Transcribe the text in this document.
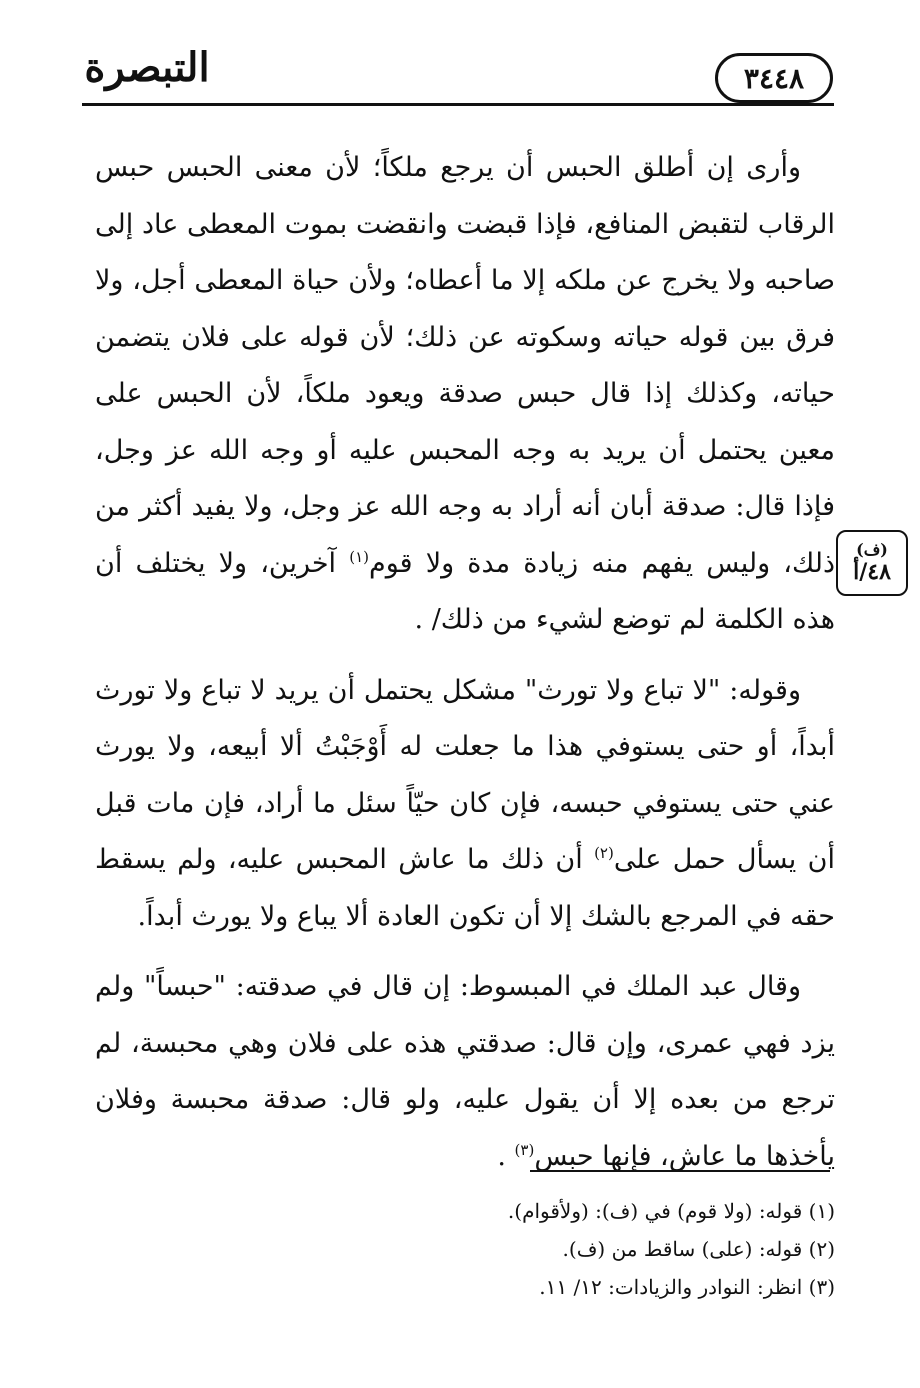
٣٤٤٨
التبصرة
(ف)
٤٨/أ

وأرى إن أطلق الحبس أن يرجع ملكاً؛ لأن معنى الحبس حبس الرقاب لتقبض المنافع، فإذا قبضت وانقضت بموت المعطى عاد إلى صاحبه ولا يخرج عن ملكه إلا ما أعطاه؛ ولأن حياة المعطى أجل، ولا فرق بين قوله حياته وسكوته عن ذلك؛ لأن قوله على فلان يتضمن حياته، وكذلك إذا قال حبس صدقة ويعود ملكاً، لأن الحبس على معين يحتمل أن يريد به وجه المحبس عليه أو وجه الله عز وجل، فإذا قال: صدقة أبان أنه أراد به وجه الله عز وجل، ولا يفيد أكثر من ذلك، وليس يفهم منه زيادة مدة ولا قوم$^{(١)}$ آخرين، ولا يختلف أن هذه الكلمة لم توضع لشيء من ذلك/ .

وقوله: "لا تباع ولا تورث" مشكل يحتمل أن يريد لا تباع ولا تورث أبداً، أو حتى يستوفي هذا ما جعلت له أَوْجَبْتُ ألا أبيعه، ولا يورث عني حتى يستوفي حبسه، فإن كان حيّاً سئل ما أراد، فإن مات قبل أن يسأل حمل على$^{(٢)}$ أن ذلك ما عاش المحبس عليه، ولم يسقط حقه في المرجع بالشك إلا أن تكون العادة ألا يباع ولا يورث أبداً.

وقال عبد الملك في المبسوط: إن قال في صدقته: "حبساً" ولم يزد فهي عمرى، وإن قال: صدقتي هذه على فلان وهي محبسة، لم ترجع من بعده إلا أن يقول عليه، ولو قال: صدقة محبسة وفلان يأخذها ما عاش، فإنها حبس$^{(٣)}$ .

(١) قوله: (ولا قوم) في (ف): (ولأقوام).

(٢) قوله: (على) ساقط من (ف).

(٣) انظر: النوادر والزيادات: ١٢/ ١١.
